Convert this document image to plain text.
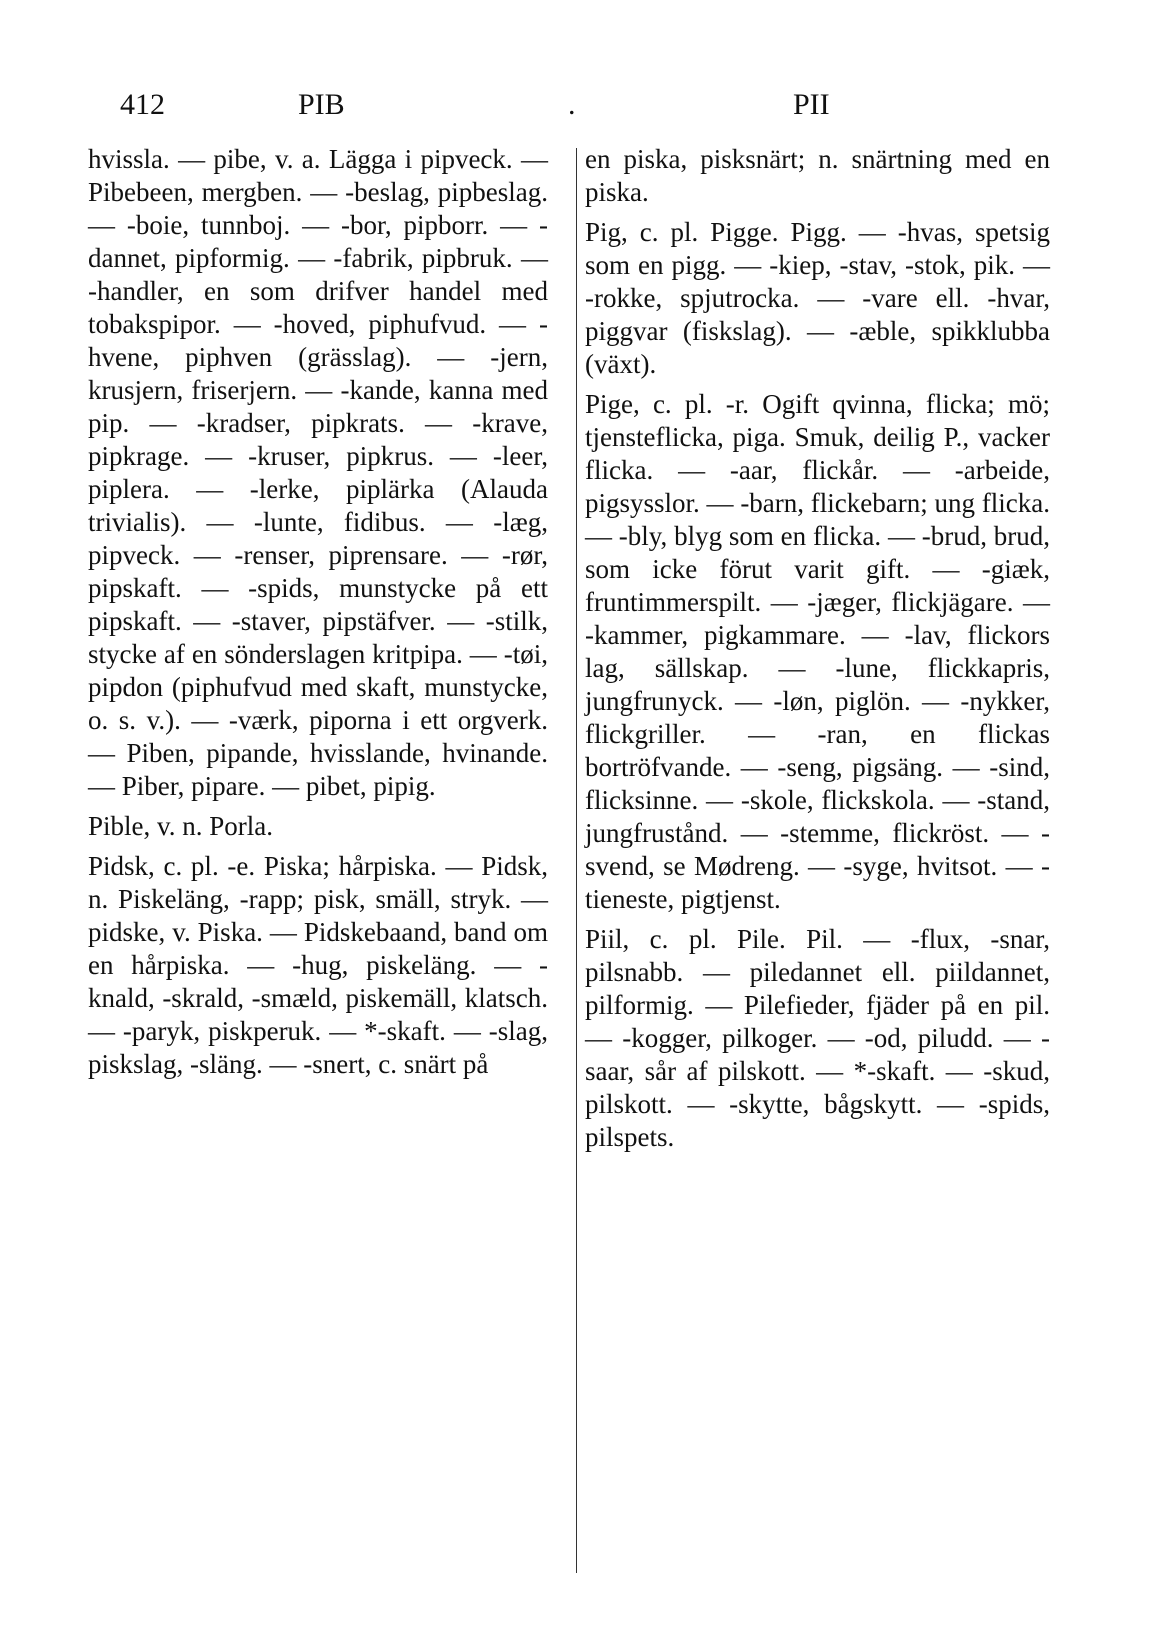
412	PIB	.	PII

hvissla. — pibe, v. a. Lägga i pipveck. — Pibebeen, mergben. — -beslag, pipbeslag. — -boie, tunnboj. — -bor, pipborr. — -dannet, pipformig. — -fabrik, pipbruk. — -handler, en som drifver handel med tobakspipor. — -hoved, piphufvud. — -hvene, piphven (grässlag). — -jern, krusjern, friserjern. — -kande, kanna med pip. — -kradser, pipkrats. — -krave, pipkrage. — -kruser, pipkrus. — -leer, piplera. — -lerke, piplärka (Alauda trivialis). — -lunte, fidibus. — -læg, pipveck. — -renser, piprensare. — -rør, pipskaft. — -spids, munstycke på ett pipskaft. — -staver, pipstäfver. — -stilk, stycke af en sönderslagen kritpipa. — -tøi, pipdon (piphufvud med skaft, munstycke, o. s. v.). — -værk, piporna i ett orgverk. — Piben, pipande, hvisslande, hvinande. — Piber, pipare. — pibet, pipig.

Pible, v. n. Porla.

Pidsk, c. pl. -e. Piska; hårpiska. — Pidsk, n. Piskeläng, -rapp; pisk, smäll, stryk. — pidske, v. Piska. — Pidskebaand, band om en hårpiska. — -hug, piskeläng. — -knald, -skrald, -smæld, piskemäll, klatsch. — -paryk, piskperuk. — *-skaft. — -slag, piskslag, -släng. — -snert, c. snärt på

en piska, pisksnärt; n. snärtning med en piska.

Pig, c. pl. Pigge. Pigg. — -hvas, spetsig som en pigg. — -kiep, -stav, -stok, pik. — -rokke, spjutrocka. — -vare ell. -hvar, piggvar (fiskslag). — -æble, spikklubba (växt).

Pige, c. pl. -r. Ogift qvinna, flicka; mö; tjensteflicka, piga. Smuk, deilig P., vacker flicka. — -aar, flickår. — -arbeide, pigsysslor. — -barn, flickebarn; ung flicka. — -bly, blyg som en flicka. — -brud, brud, som icke förut varit gift. — -giæk, fruntimmerspilt. — -jæger, flickjägare. — -kammer, pigkammare. — -lav, flickors lag, sällskap. — -lune, flickkapris, jungfrunyck. — -løn, piglön. — -nykker, flickgriller. — -ran, en flickas bortröfvande. — -seng, pigsäng. — -sind, flicksinne. — -skole, flickskola. — -stand, jungfrustånd. — -stemme, flickröst. — -svend, se Mødreng. — -syge, hvitsot. — -tieneste, pigtjenst.

Piil, c. pl. Pile. Pil. — -flux, -snar, pilsnabb. — piledannet ell. piildannet, pilformig. — Pilefieder, fjäder på en pil. — -kogger, pilkoger. — -od, piludd. — -saar, sår af pilskott. — *-skaft. — -skud, pilskott. — -skytte, bågskytt. — -spids, pilspets.
